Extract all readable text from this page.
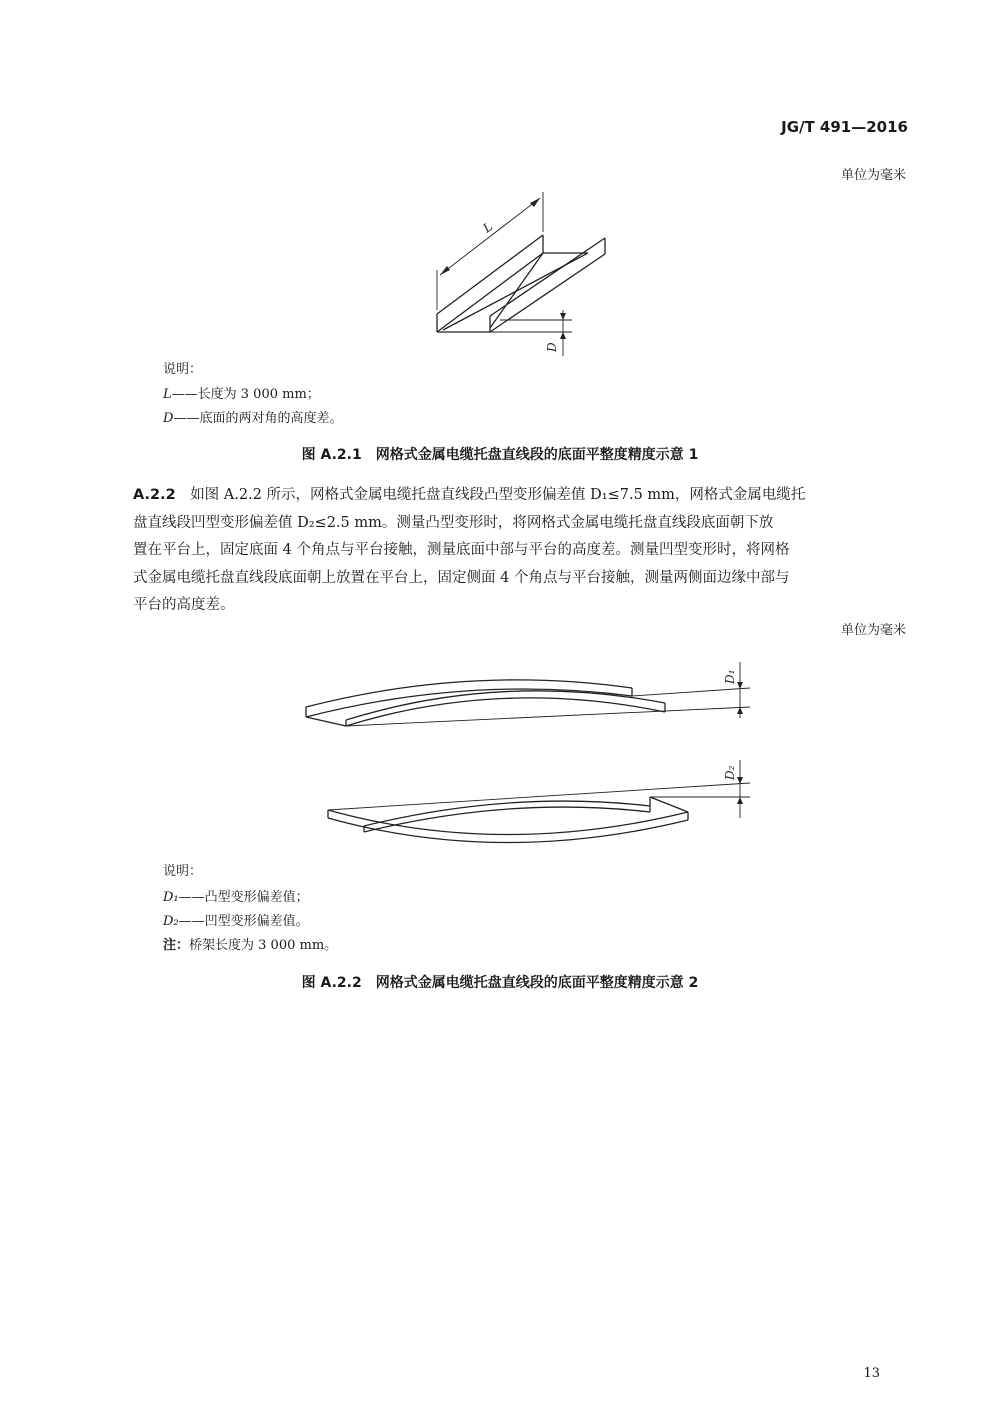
JG/T 491—2016
单位为毫米
L
D
D₁
D₂
说明：
L——长度为 3 000 mm；
D——底面的两对角的高度差。
图 A.2.1　网格式金属电缆托盘直线段的底面平整度精度示意 1
A.2.2　 如图 A.2.2 所示，网格式金属电缆托盘直线段凸型变形偏差值 D₁≤7.5 mm，网格式金属电缆托
盘直线段凹型变形偏差值 D₂≤2.5 mm。测量凸型变形时，将网格式金属电缆托盘直线段底面朝下放
置在平台上，固定底面 4 个角点与平台接触，测量底面中部与平台的高度差。测量凹型变形时，将网格
式金属电缆托盘直线段底面朝上放置在平台上，固定侧面 4 个角点与平台接触，测量两侧面边缘中部与
平台的高度差。
单位为毫米
说明：
D₁——凸型变形偏差值；
D₂——凹型变形偏差值。
注：桥架长度为 3 000 mm。
图 A.2.2　网格式金属电缆托盘直线段的底面平整度精度示意 2
13
